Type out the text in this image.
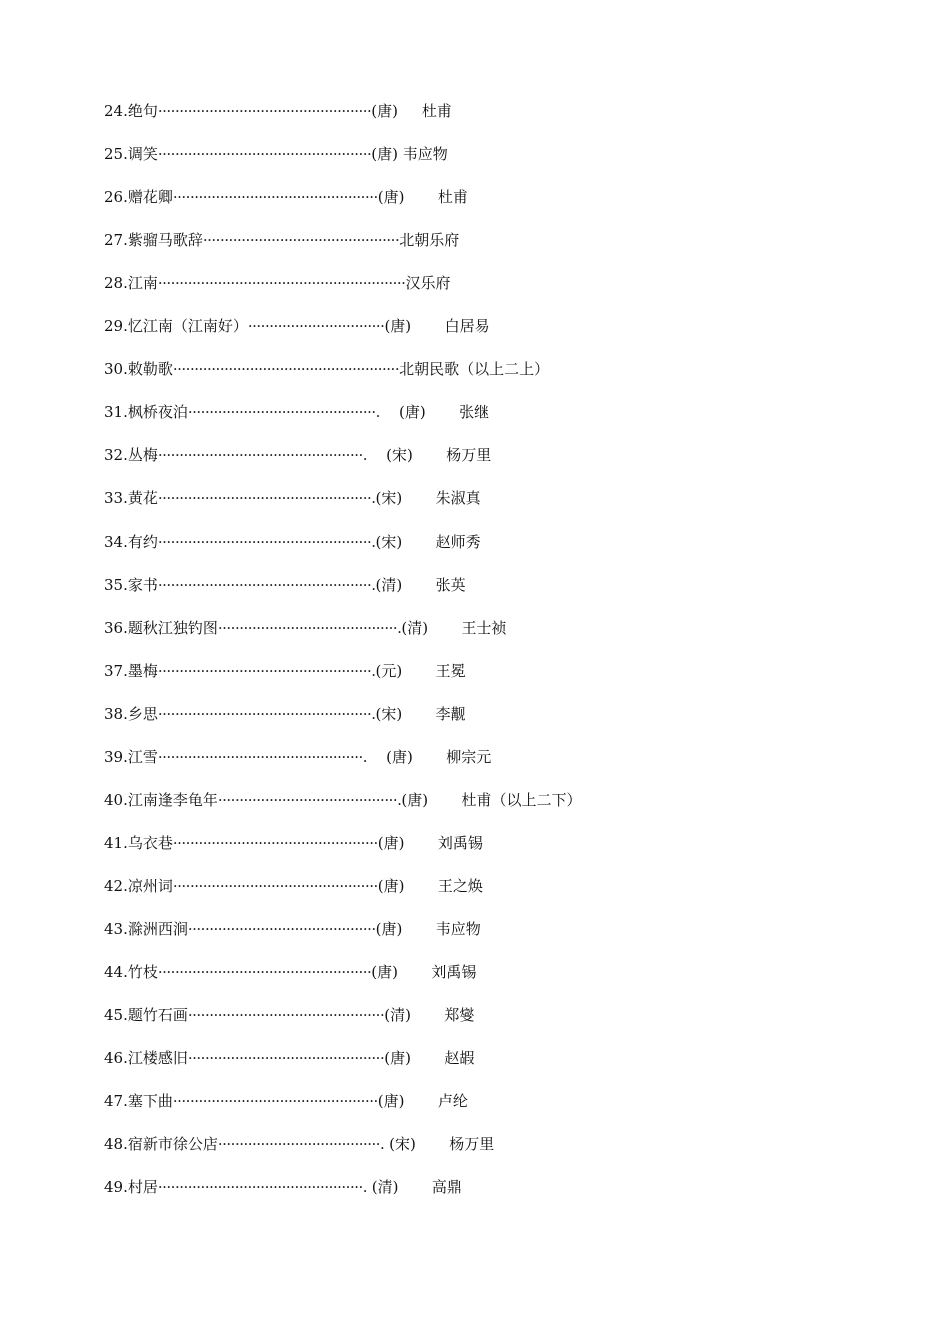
24.绝句··················································(唐) 杜甫
25.调笑··················································(唐) 韦应物
26.赠花卿················································(唐) 杜甫
27.紫骝马歌辞··············································北朝乐府
28.江南··························································汉乐府
29.忆江南（江南好）································(唐) 白居易
30.敕勒歌·····················································北朝民歌（以上二上）
31.枫桥夜泊············································.    (唐) 张继
32.丛梅················································.    (宋) 杨万里
33.黄花··················································.(宋) 朱淑真
34.有约··················································.(宋) 赵师秀
35.家书··················································.(清) 张英
36.题秋江独钓图··········································.(清) 王士祯
37.墨梅··················································.(元) 王冕
38.乡思··················································.(宋) 李觏
39.江雪················································.    (唐) 柳宗元
40.江南逢李龟年··········································.(唐) 杜甫（以上二下）
41.乌衣巷················································(唐) 刘禹锡
42.凉州词················································(唐) 王之焕
43.滁洲西涧············································(唐) 韦应物
44.竹枝··················································(唐) 刘禹锡
45.题竹石画··············································(清) 郑燮
46.江楼感旧··············································(唐) 赵嘏
47.塞下曲················································(唐) 卢纶
48.宿新市徐公店······································. (宋) 杨万里
49.村居················································. (清) 高鼎
